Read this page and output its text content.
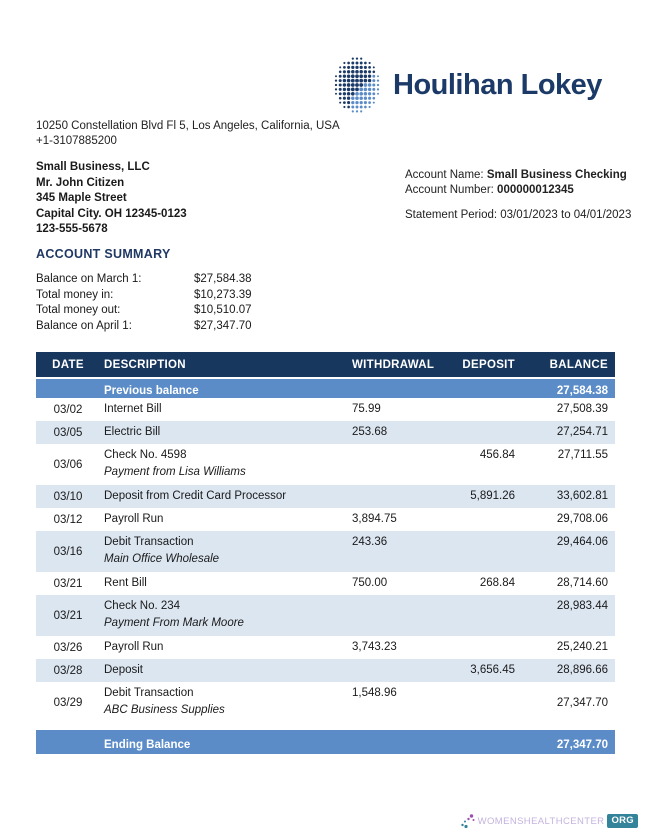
Houlihan Lokey
10250 Constellation Blvd Fl 5, Los Angeles, California, USA
+1-3107885200
Small Business, LLC
Mr. John Citizen
345 Maple Street
Capital City. OH 12345-0123
123-555-5678
Account Name: Small Business Checking
Account Number: 000000012345
Statement Period: 03/01/2023 to 04/01/2023
ACCOUNT SUMMARY
Balance on March 1:	$27,584.38
Total money in:	$10,273.39
Total money out:	$10,510.07
Balance on April 1:	$27,347.70
DATE	DESCRIPTION	WITHDRAWAL	DEPOSIT	BALANCE
	Previous balance			27,584.38
03/02	Internet Bill	75.99		27,508.39
03/05	Electric Bill	253.68		27,254.71
03/06	Check No. 4598
Payment from Lisa Williams		456.84	27,711.55
03/10	Deposit from Credit Card Processor		5,891.26	33,602.81
03/12	Payroll Run	3,894.75		29,708.06
03/16	Debit Transaction
Main Office Wholesale	243.36		29,464.06
03/21	Rent Bill	750.00	268.84	28,714.60
03/21	Check No. 234
Payment From Mark Moore			28,983.44
03/26	Payroll Run	3,743.23		25,240.21
03/28	Deposit		3,656.45	28,896.66
03/29	Debit Transaction
ABC Business Supplies	1,548.96		27,347.70

	Ending Balance			27,347.70
WOMENSHEALTHCENTER ORG
